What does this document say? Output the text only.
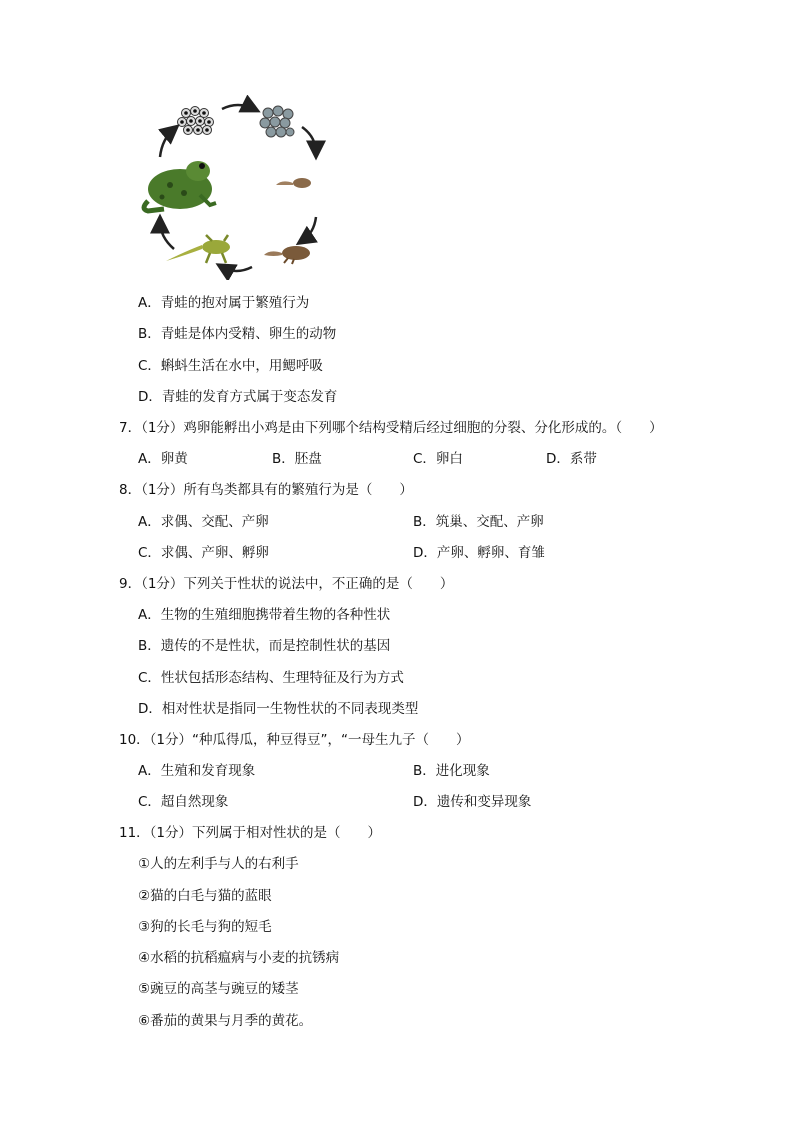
A．青蛙的抱对属于繁殖行为
B．青蛙是体内受精、卵生的动物
C．蝌蚪生活在水中，用鳃呼吸
D．青蛙的发育方式属于变态发育
7．（1分）鸡卵能孵出小鸡是由下列哪个结构受精后经过细胞的分裂、分化形成的。（　　）
A．卵黄	B．胚盘	C．卵白	D．系带
8．（1分）所有鸟类都具有的繁殖行为是（　　）
A．求偶、交配、产卵	B．筑巢、交配、产卵
C．求偶、产卵、孵卵	D．产卵、孵卵、育雏
9．（1分）下列关于性状的说法中，不正确的是（　　）
A．生物的生殖细胞携带着生物的各种性状
B．遗传的不是性状，而是控制性状的基因
C．性状包括形态结构、生理特征及行为方式
D．相对性状是指同一生物性状的不同表现类型
10．（1分）“种瓜得瓜，种豆得豆”，“一母生九子（　　）
A．生殖和发育现象	B．进化现象
C．超自然现象	D．遗传和变异现象
11．（1分）下列属于相对性状的是（　　）
①人的左利手与人的右利手
②猫的白毛与猫的蓝眼
③狗的长毛与狗的短毛
④水稻的抗稻瘟病与小麦的抗锈病
⑤豌豆的高茎与豌豆的矮茎
⑥番茄的黄果与月季的黄花。
